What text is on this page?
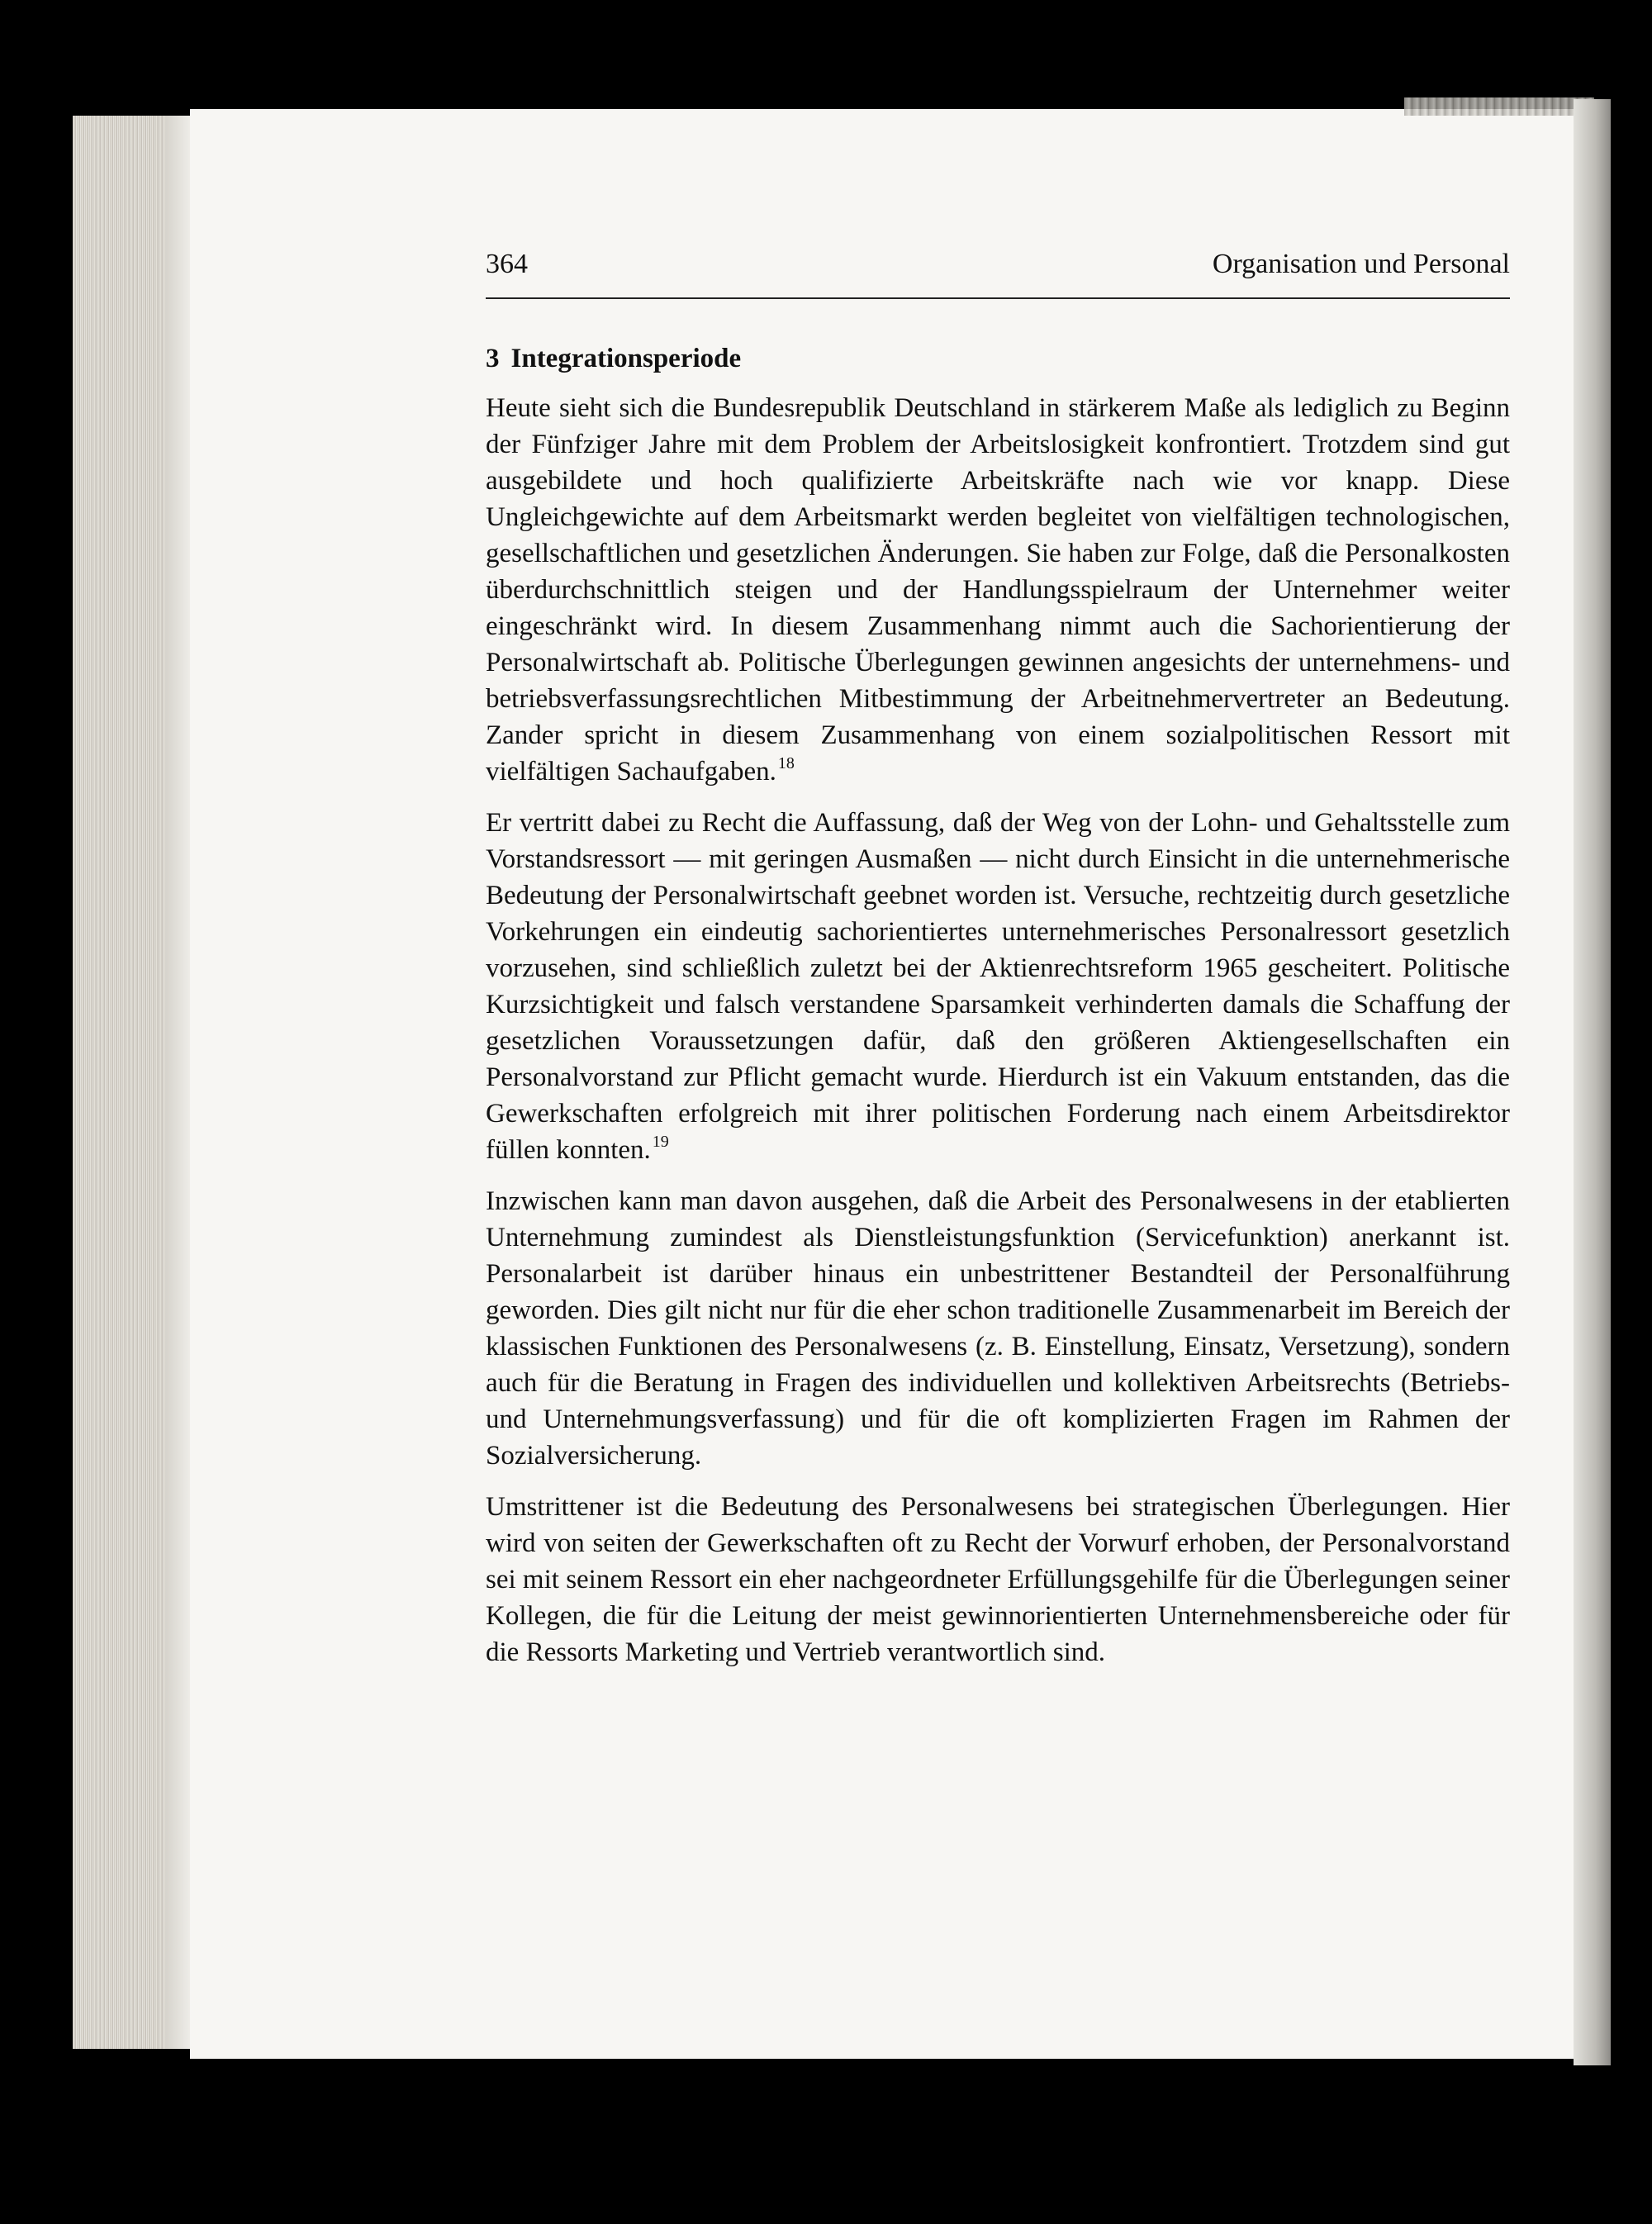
364	Organisation und Personal
3 Integrationsperiode

Heute sieht sich die Bundesrepublik Deutschland in stärkerem Maße als lediglich zu Beginn der Fünfziger Jahre mit dem Problem der Arbeitslosigkeit konfrontiert. Trotzdem sind gut ausgebildete und hoch qualifizierte Arbeitskräfte nach wie vor knapp. Diese Ungleichgewichte auf dem Arbeitsmarkt werden begleitet von vielfältigen technologischen, gesellschaftlichen und gesetzlichen Änderungen. Sie haben zur Folge, daß die Personalkosten überdurchschnittlich steigen und der Handlungsspielraum der Unternehmer weiter eingeschränkt wird. In diesem Zusammenhang nimmt auch die Sachorientierung der Personalwirtschaft ab. Politische Überlegungen gewinnen angesichts der unternehmens- und betriebsverfassungsrechtlichen Mitbestimmung der Arbeitnehmervertreter an Bedeutung. Zander spricht in diesem Zusammenhang von einem sozialpolitischen Ressort mit vielfältigen Sachaufgaben. $^{18}$

Er vertritt dabei zu Recht die Auffassung, daß der Weg von der Lohn- und Gehaltsstelle zum Vorstandsressort — mit geringen Ausmaßen — nicht durch Einsicht in die unternehmerische Bedeutung der Personalwirtschaft geebnet worden ist. Versuche, rechtzeitig durch gesetzliche Vorkehrungen ein eindeutig sachorientiertes unternehmerisches Personalressort gesetzlich vorzusehen, sind schließlich zuletzt bei der Aktienrechtsreform 1965 gescheitert. Politische Kurzsichtigkeit und falsch verstandene Sparsamkeit verhinderten damals die Schaffung der gesetzlichen Voraussetzungen dafür, daß den größeren Aktiengesellschaften ein Personalvorstand zur Pflicht gemacht wurde. Hierdurch ist ein Vakuum entstanden, das die Gewerkschaften erfolgreich mit ihrer politischen Forderung nach einem Arbeitsdirektor füllen konnten. $^{19}$

Inzwischen kann man davon ausgehen, daß die Arbeit des Personalwesens in der etablierten Unternehmung zumindest als Dienstleistungsfunktion (Servicefunktion) anerkannt ist. Personalarbeit ist darüber hinaus ein unbestrittener Bestandteil der Personalführung geworden. Dies gilt nicht nur für die eher schon traditionelle Zusammenarbeit im Bereich der klassischen Funktionen des Personalwesens (z. B. Einstellung, Einsatz, Versetzung), sondern auch für die Beratung in Fragen des individuellen und kollektiven Arbeitsrechts (Betriebs- und Unternehmungsverfassung) und für die oft komplizierten Fragen im Rahmen der Sozialversicherung.

Umstrittener ist die Bedeutung des Personalwesens bei strategischen Überlegungen. Hier wird von seiten der Gewerkschaften oft zu Recht der Vorwurf erhoben, der Personalvorstand sei mit seinem Ressort ein eher nachgeordneter Erfüllungsgehilfe für die Überlegungen seiner Kollegen, die für die Leitung der meist gewinnorientierten Unternehmensbereiche oder für die Ressorts Marketing und Vertrieb verantwortlich sind.
